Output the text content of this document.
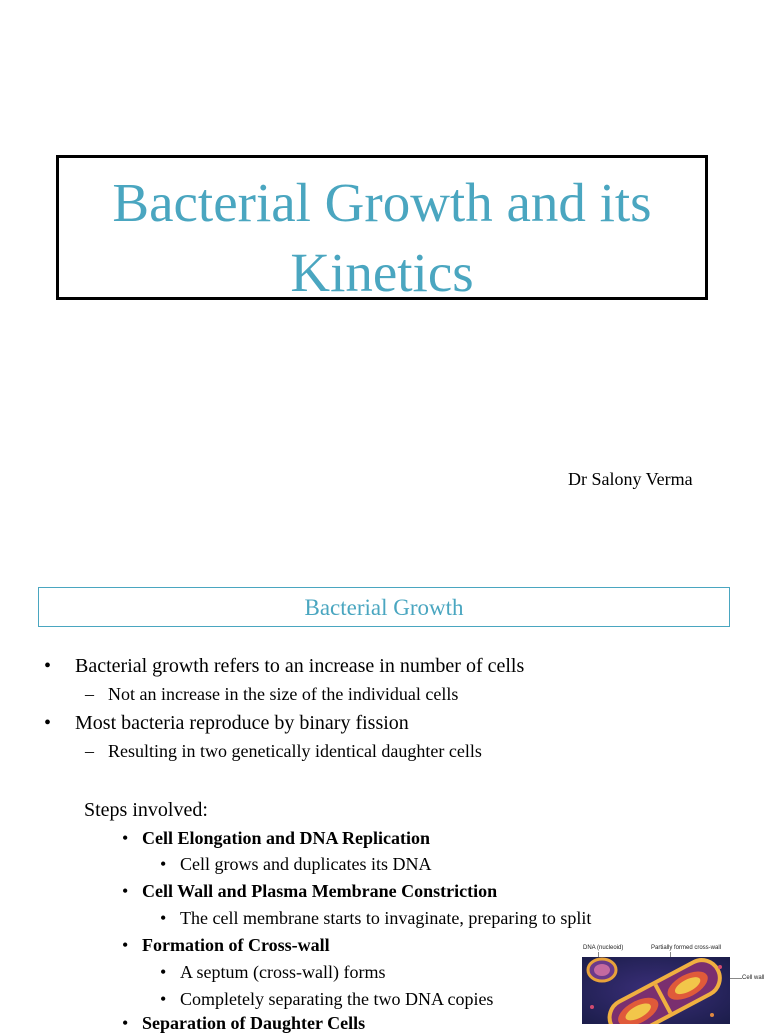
Bacterial Growth and its
Kinetics
Dr Salony Verma
Bacterial Growth
• Bacterial growth refers to an increase in number of cells
– Not an increase in the size of the individual cells
• Most bacteria reproduce by binary fission
– Resulting in two genetically identical daughter cells
Steps involved:
• Cell Elongation and DNA Replication
• Cell grows and duplicates its DNA
• Cell Wall and Plasma Membrane Constriction
• The cell membrane starts to invaginate, preparing to split
• Formation of Cross-wall
• A septum (cross-wall) forms
• Completely separating the two DNA copies
• Separation of Daughter Cells
DNA (nucleoid)	Partially formed cross-wall
Cell wall
